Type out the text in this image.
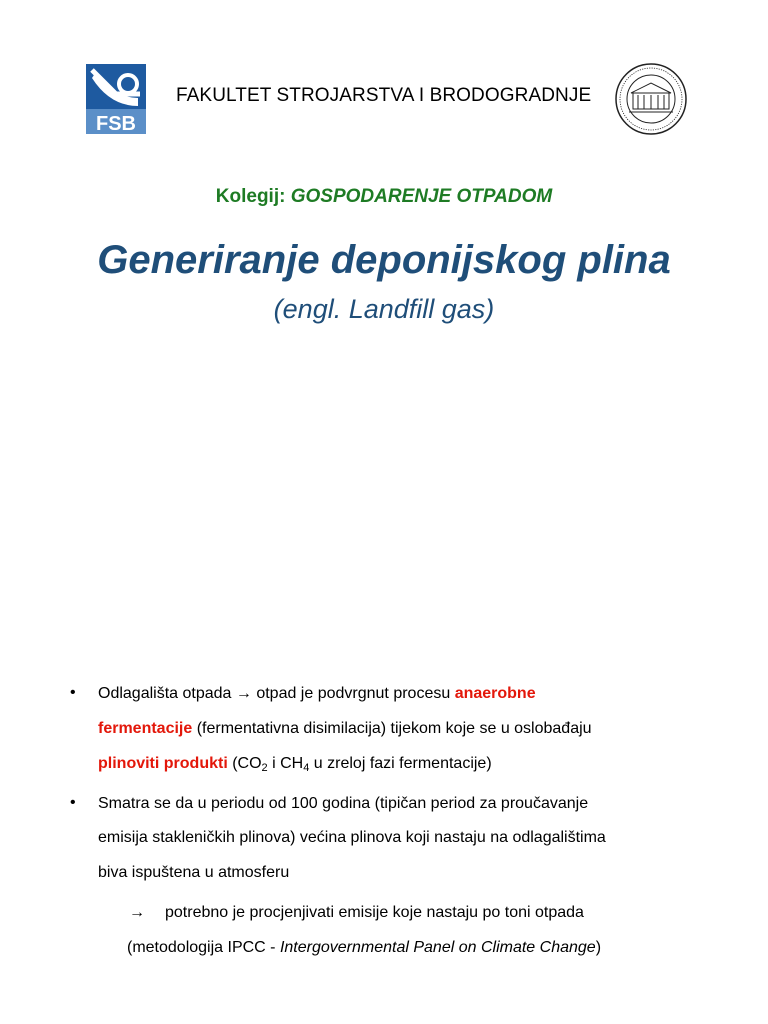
FSB
FAKULTET STROJARSTVA I BRODOGRADNJE
Kolegij: GOSPODARENJE OTPADOM
Generiranje deponijskog plina
(engl. Landfill gas)
• Odlagališta otpada → otpad je podvrgnut procesu anaerobne
fermentacije (fermentativna disimilacija) tijekom koje se u oslobađaju
plinoviti produkti ($CO_2$ i $CH_4$ u zreloj fazi fermentacije)
• Smatra se da u periodu od 100 godina (tipičan period za proučavanje
emisija stakleničkih plinova) većina plinova koji nastaju na odlagalištima
biva ispuštena u atmosferu
→ potrebno je procjenjivati emisije koje nastaju po toni otpada
(metodologija IPCC - Intergovernmental Panel on Climate Change)
